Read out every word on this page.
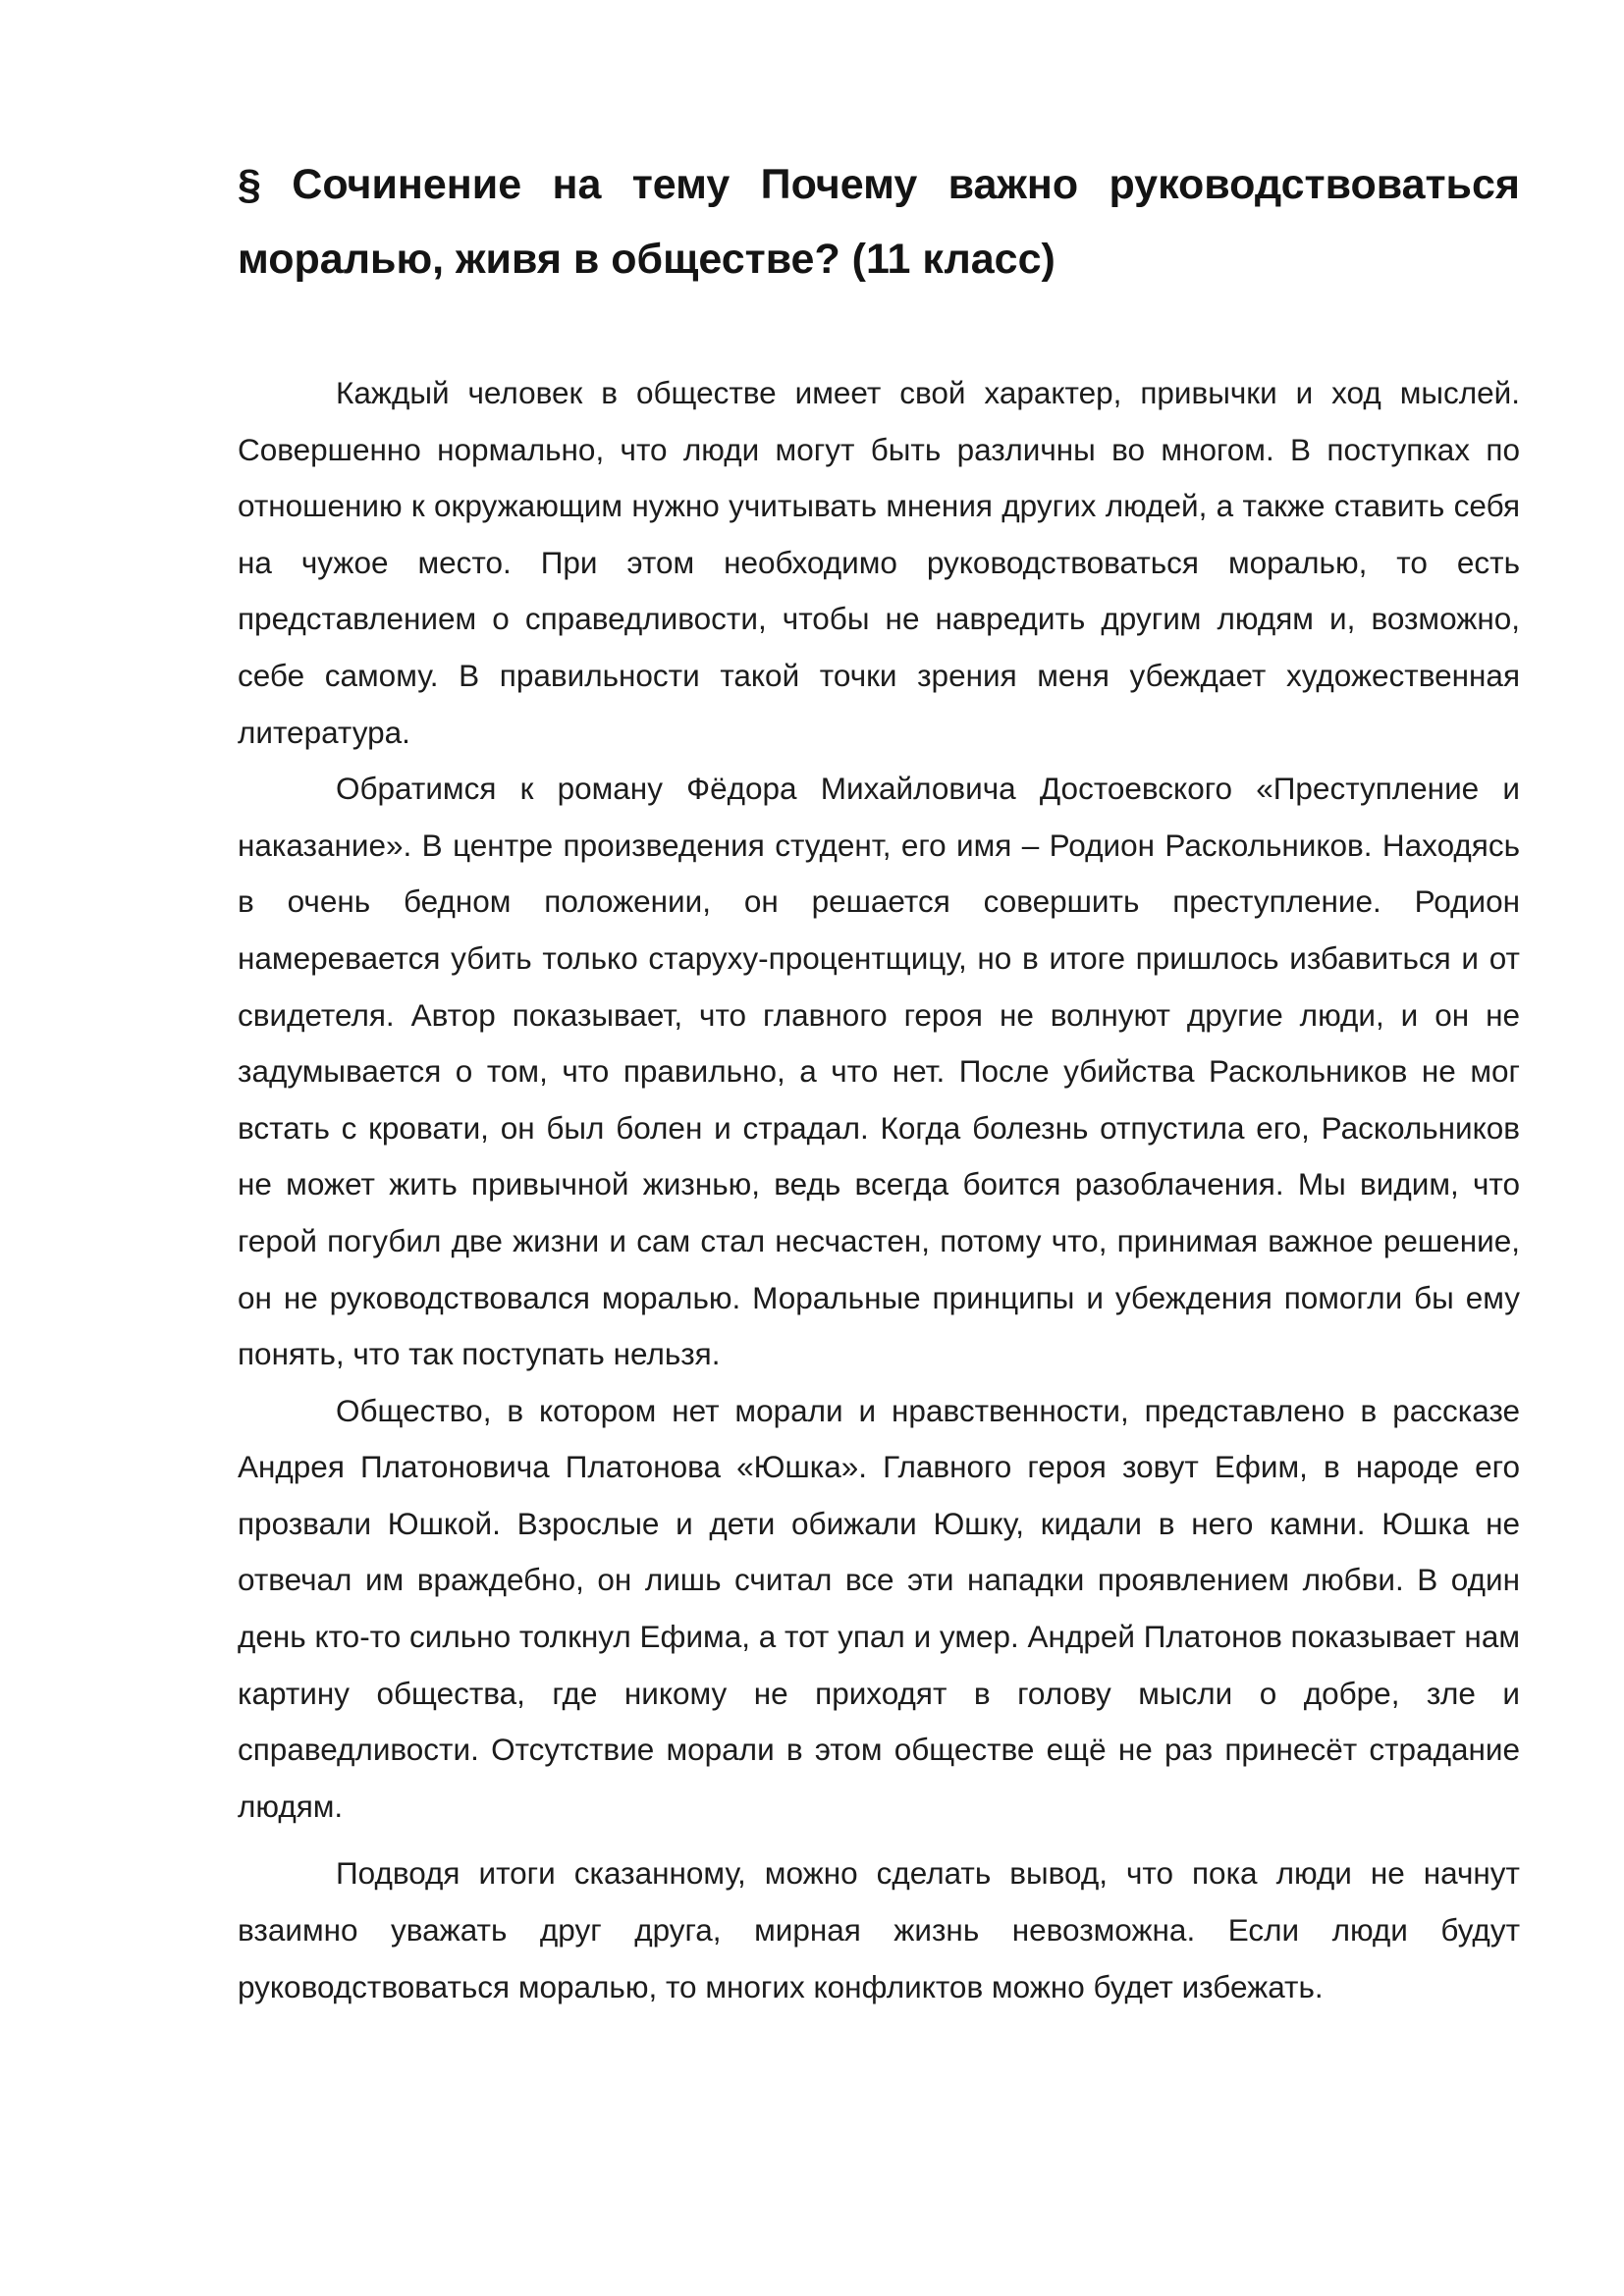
§ Сочинение на тему Почему важно руководствоваться моралью, живя в обществе? (11 класс)

Каждый человек в обществе имеет свой характер, привычки и ход мыслей. Совершенно нормально, что люди могут быть различны во многом. В поступках по отношению к окружающим нужно учитывать мнения других людей, а также ставить себя на чужое место. При этом необходимо руководствоваться моралью, то есть представлением о справедливости, чтобы не навредить другим людям и, возможно, себе самому. В правильности такой точки зрения меня убеждает художественная литература.

Обратимся к роману Фёдора Михайловича Достоевского «Преступление и наказание». В центре произведения студент, его имя – Родион Раскольников. Находясь в очень бедном положении, он решается совершить преступление. Родион намеревается убить только старуху-процентщицу, но в итоге пришлось избавиться и от свидетеля. Автор показывает, что главного героя не волнуют другие люди, и он не задумывается о том, что правильно, а что нет. После убийства Раскольников не мог встать с кровати, он был болен и страдал. Когда болезнь отпустила его, Раскольников не может жить привычной жизнью, ведь всегда боится разоблачения. Мы видим, что герой погубил две жизни и сам стал несчастен, потому что, принимая важное решение, он не руководствовался моралью. Моральные принципы и убеждения помогли бы ему понять, что так поступать нельзя.

Общество, в котором нет морали и нравственности, представлено в рассказе Андрея Платоновича Платонова «Юшка». Главного героя зовут Ефим, в народе его прозвали Юшкой. Взрослые и дети обижали Юшку, кидали в него камни. Юшка не отвечал им враждебно, он лишь считал все эти нападки проявлением любви. В один день кто-то сильно толкнул Ефима, а тот упал и умер. Андрей Платонов показывает нам картину общества, где никому не приходят в голову мысли о добре, зле и справедливости. Отсутствие морали в этом обществе ещё не раз принесёт страдание людям.

Подводя итоги сказанному, можно сделать вывод, что пока люди не начнут взаимно уважать друг друга, мирная жизнь невозможна. Если люди будут руководствоваться моралью, то многих конфликтов можно будет избежать.
